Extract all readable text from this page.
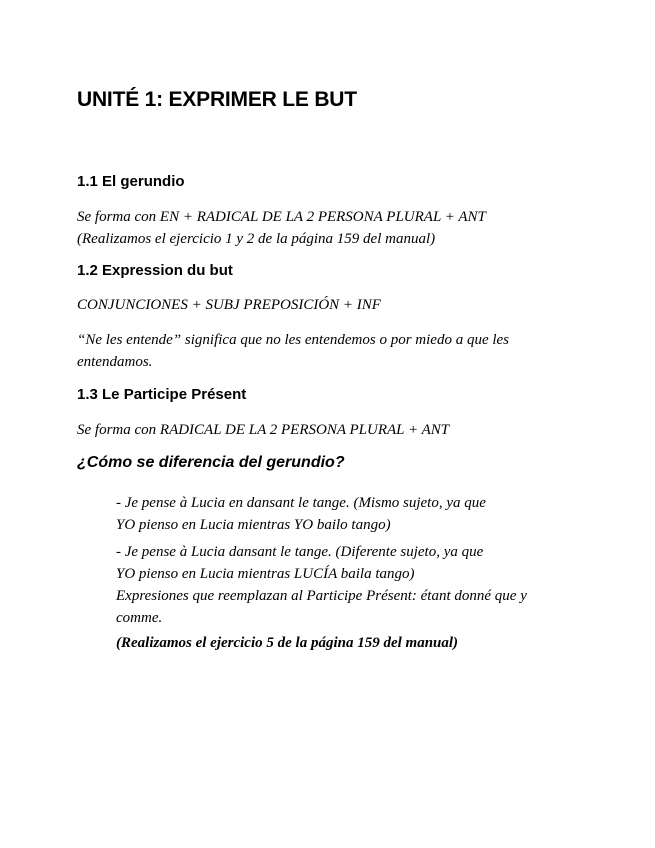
UNITÉ 1: EXPRIMER LE BUT
1.1 El gerundio

Se forma con EN + RADICAL DE LA 2 PERSONA PLURAL + ANT
(Realizamos el ejercicio 1 y 2 de la página 159 del manual)

1.2 Expression du but

CONJUNCIONES + SUBJ PREPOSICIÓN + INF

“Ne les entende” significa que no les entendemos o por miedo a que les
entendamos.

1.3 Le Participe Présent

Se forma con RADICAL DE LA 2 PERSONA PLURAL + ANT

¿Cómo se diferencia del gerundio?

- Je pense à Lucia en dansant le tange. (Mismo sujeto, ya que
YO pienso en Lucia mientras YO bailo tango)

- Je pense à Lucia dansant le tange. (Diferente sujeto, ya que
YO pienso en Lucia mientras LUCÍA baila tango)
Expresiones que reemplazan al Participe Présent: étant donné que y
comme.

(Realizamos el ejercicio 5 de la página 159 del manual)
